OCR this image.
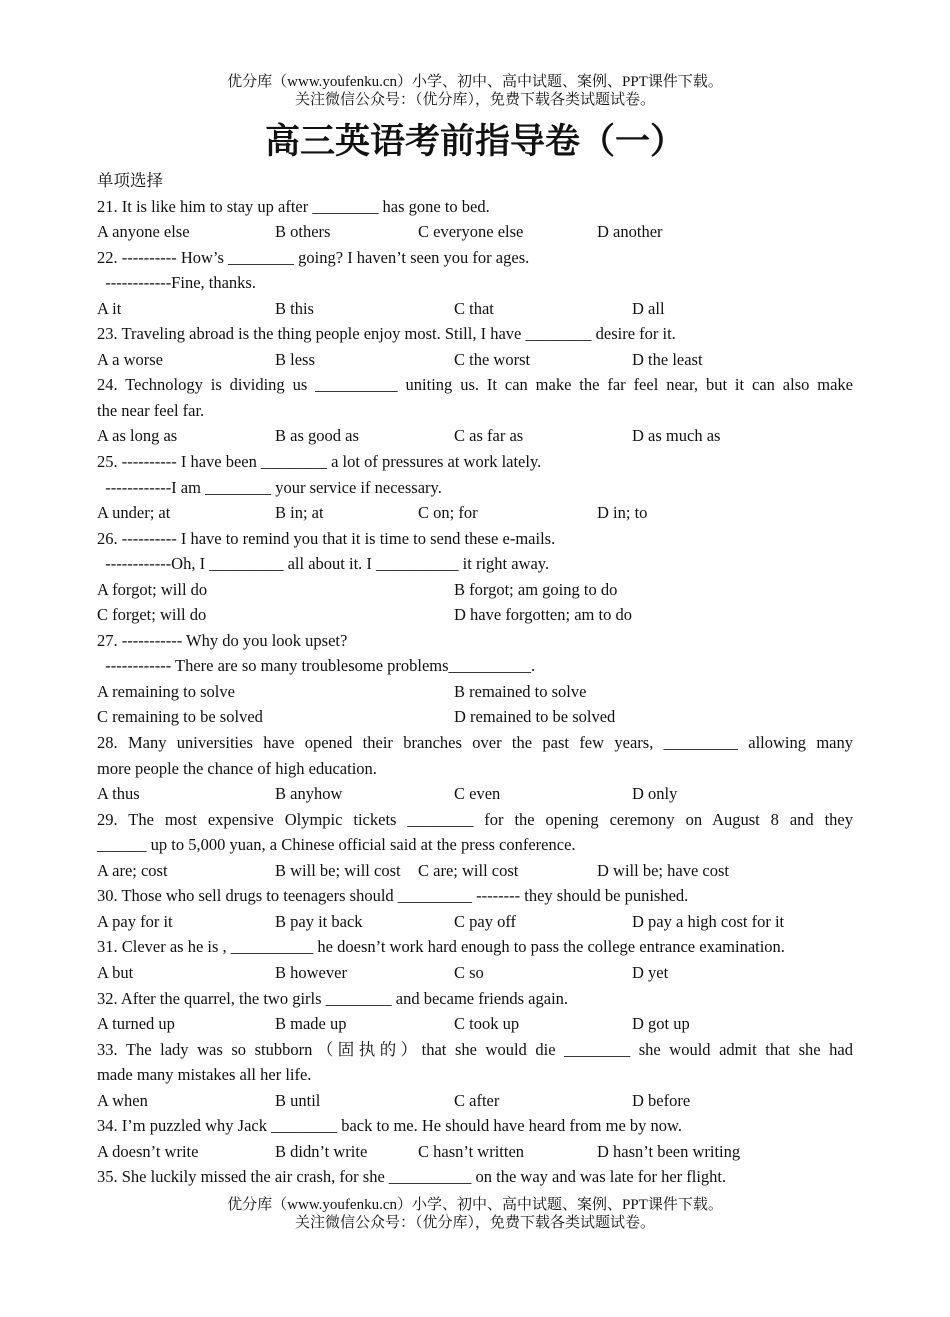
优分库（www.youfenku.cn）小学、初中、高中试题、案例、PPT课件下载。
关注微信公众号：（优分库），免费下载各类试题试卷。
高三英语考前指导卷（一）
单项选择
21. It is like him to stay up after ________ has gone to bed.
A anyone else	B others	C everyone else	D another
22. ---------- How’s ________ going? I haven’t seen you for ages.
------------Fine, thanks.
A it	B this	C that	D all
23. Traveling abroad is the thing people enjoy most. Still, I have ________ desire for it.
A a worse	B less	C the worst	D the least
24. Technology is dividing us __________ uniting us. It can make the far feel near, but it can also make
the near feel far.
A as long as	B as good as	C as far as	D as much as
25. ---------- I have been ________ a lot of pressures at work lately.
------------I am ________ your service if necessary.
A under; at	B in; at	C on; for	D in; to
26. ---------- I have to remind you that it is time to send these e-mails.
------------Oh, I _________ all about it. I __________ it right away.
A forgot; will do	B forgot; am going to do
C forget; will do	D have forgotten; am to do
27. ----------- Why do you look upset?
------------ There are so many troublesome problems__________.
A remaining to solve	B remained to solve
C remaining to be solved	D remained to be solved
28. Many universities have opened their branches over the past few years, _________ allowing many
more people the chance of high education.
A thus	B anyhow	C even	D only
29. The most expensive Olympic tickets ________ for the opening ceremony on August 8 and they
______ up to 5,000 yuan, a Chinese official said at the press conference.
A are; cost	B will be; will cost C are; will cost	D will be; have cost
30. Those who sell drugs to teenagers should _________ -------- they should be punished.
A pay for it	B pay it back	C pay off	D pay a high cost for it
31. Clever as he is , __________ he doesn’t work hard enough to pass the college entrance examination.
A but	B however	C so	D yet
32. After the quarrel, the two girls ________ and became friends again.
A turned up	B made up	C took up	D got up
33. The lady was so stubborn（固执的）that she would die ________ she would admit that she had
made many mistakes all her life.
A when	B until	C after	D before
34. I’m puzzled why Jack ________ back to me. He should have heard from me by now.
A doesn’t write	B didn’t write	C hasn’t written	D hasn’t been writing
35. She luckily missed the air crash, for she __________ on the way and was late for her flight.
优分库（www.youfenku.cn）小学、初中、高中试题、案例、PPT课件下载。
关注微信公众号：（优分库），免费下载各类试题试卷。
